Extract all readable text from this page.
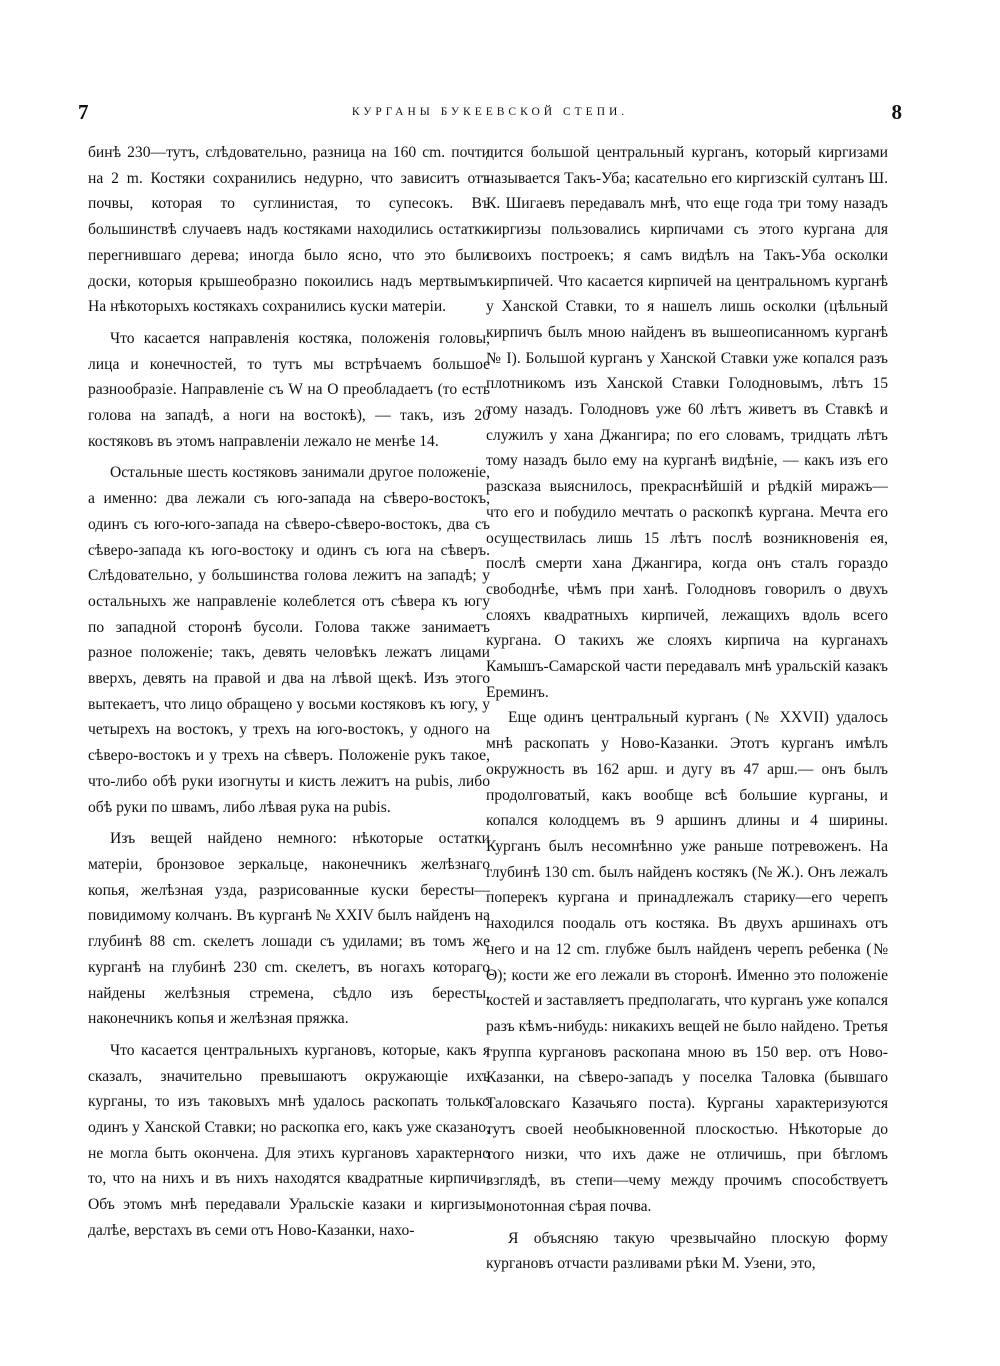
7	КУРГАНЫ БУКЕЕВСКОЙ СТЕПИ.	8

бинѣ 230—тутъ, слѣдовательно, разница на 160 cm. почти на 2 m. Костяки сохранились недурно, что зависитъ отъ почвы, которая то суглинистая, то супесокъ. Въ большинствѣ случаевъ надъ костяками находились остатки перегнившаго дерева; иногда было ясно, что это были доски, которыя крышеобразно покоились надъ мертвымъ. На нѣкоторыхъ костякахъ сохранились куски матеріи.

Что касается направленія костяка, положенія головы, лица и конечностей, то тутъ мы встрѣчаемъ большое разнообразіе. Направленіе съ W на O преобладаетъ (то есть голова на западѣ, а ноги на востокѣ), — такъ, изъ 20 костяковъ въ этомъ направленіи лежало не менѣе 14.

Остальные шесть костяковъ занимали другое положеніе, а именно: два лежали съ юго-запада на сѣверо-востокъ, одинъ съ юго-юго-запада на сѣверо-сѣверо-востокъ, два съ сѣверо-запада къ юго-востоку и одинъ съ юга на сѣверъ. Слѣдовательно, у большинства голова лежитъ на западѣ; у остальныхъ же направленіе колеблется отъ сѣвера къ югу по западной сторонѣ бусоли. Голова также занимаетъ разное положеніе; такъ, девять человѣкъ лежатъ лицами вверхъ, девять на правой и два на лѣвой щекѣ. Изъ этого вытекаетъ, что лицо обращено у восьми костяковъ къ югу, у четырехъ на востокъ, у трехъ на юго-востокъ, у одного на сѣверо-востокъ и у трехъ на сѣверъ. Положеніе рукъ такое, что-либо обѣ руки изогнуты и кисть лежитъ на pubis, либо обѣ руки по швамъ, либо лѣвая рука на pubis.

Изъ вещей найдено немного: нѣкоторые остатки матеріи, бронзовое зеркальце, наконечникъ желѣзнаго копья, желѣзная узда, разрисованные куски бересты—повидимому колчанъ. Въ курганѣ № XXIV былъ найденъ на глубинѣ 88 cm. скелетъ лошади съ удилами; въ томъ же курганѣ на глубинѣ 230 cm. скелетъ, въ ногахъ котораго найдены желѣзныя стремена, сѣдло изъ бересты, наконечникъ копья и желѣзная пряжка.

Что касается центральныхъ кургановъ, которые, какъ я сказалъ, значительно превышаютъ окружающіе ихъ курганы, то изъ таковыхъ мнѣ удалось раскопать только одинъ у Ханской Ставки; но раскопка его, какъ уже сказано, не могла быть окончена. Для этихъ кургановъ характерно то, что на нихъ и въ нихъ находятся квадратные кирпичи. Объ этомъ мнѣ передавали Уральскіе казаки и киргизы: далѣе, верстахъ въ семи отъ Ново-Казанки, нахо-

дится большой центральный курганъ, который киргизами называется Такъ-Уба; касательно его киргизскій султанъ Ш. К. Шигаевъ передавалъ мнѣ, что еще года три тому назадъ киргизы пользовались кирпичами съ этого кургана для своихъ построекъ; я самъ видѣлъ на Такъ-Уба осколки кирпичей. Что касается кирпичей на центральномъ курганѣ у Ханской Ставки, то я нашелъ лишь осколки (цѣльный кирпичъ былъ мною найденъ въ вышеописанномъ курганѣ № I). Большой курганъ у Ханской Ставки уже копался разъ плотникомъ изъ Ханской Ставки Голодновымъ, лѣтъ 15 тому назадъ. Голодновъ уже 60 лѣтъ живетъ въ Ставкѣ и служилъ у хана Джангира; по его словамъ, тридцать лѣтъ тому назадъ было ему на курганѣ видѣніе, — какъ изъ его разсказа выяснилось, прекраснѣйшій и рѣдкій миражъ— что его и побудило мечтать о раскопкѣ кургана. Мечта его осуществилась лишь 15 лѣтъ послѣ возникновенія ея, послѣ смерти хана Джангира, когда онъ сталъ гораздо свободнѣе, чѣмъ при ханѣ. Голодновъ говорилъ о двухъ слояхъ квадратныхъ кирпичей, лежащихъ вдоль всего кургана. О такихъ же слояхъ кирпича на курганахъ Камышъ-Самарской части передавалъ мнѣ уральскій казакъ Ереминъ.

Еще одинъ центральный курганъ (№ XXVII) удалось мнѣ раскопать у Ново-Казанки. Этотъ курганъ имѣлъ окружность въ 162 арш. и дугу въ 47 арш.— онъ былъ продолговатый, какъ вообще всѣ большие курганы, и копался колодцемъ въ 9 аршинъ длины и 4 ширины. Курганъ былъ несомнѣнно уже раньше потревоженъ. На глубинѣ 130 cm. былъ найденъ костякъ (№ Ж.). Онъ лежалъ поперекъ кургана и принадлежалъ старику—его черепъ находился поодаль отъ костяка. Въ двухъ аршинахъ отъ него и на 12 cm. глубже былъ найденъ черепъ ребенка (№ Θ); кости же его лежали въ сторонѣ. Именно это положеніе костей и заставляетъ предполагать, что курганъ уже копался разъ кѣмъ-нибудь: никакихъ вещей не было найдено. Третья группа кургановъ раскопана мною въ 150 вер. отъ Ново-Казанки, на сѣверо-западъ у поселка Таловка (бывшаго Таловскаго Казачьяго поста). Курганы характеризуются тутъ своей необыкновенной плоскостью. Нѣкоторые до того низки, что ихъ даже не отличишь, при бѣгломъ взглядѣ, въ степи—чему между прочимъ способствуетъ монотонная сѣрая почва.

Я объясняю такую чрезвычайно плоскую форму кургановъ отчасти разливами рѣки М. Узени, это,
